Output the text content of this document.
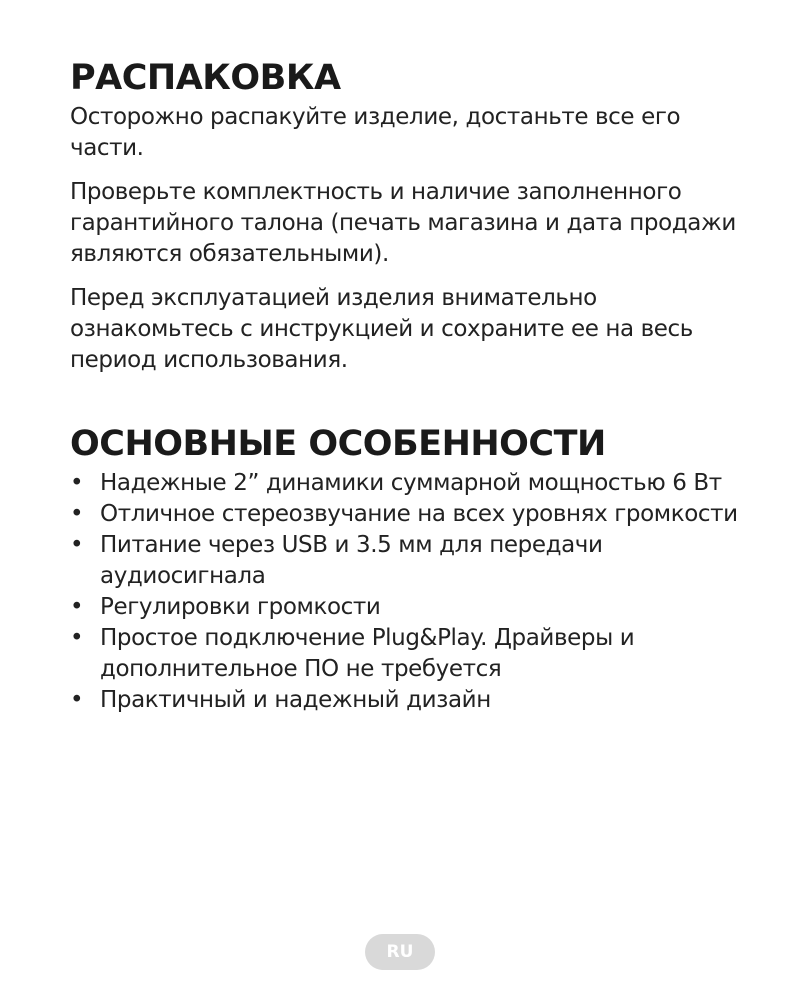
РАСПАКОВКА

Осторожно распакуйте изделие, достаньте все его части.

Проверьте комплектность и наличие заполненного гарантийного талона (печать магазина и дата продажи являются обязательными).

Перед эксплуатацией изделия внимательно ознакомьтесь с инструкцией и сохраните ее на весь период использования.

ОСНОВНЫЕ ОСОБЕННОСТИ
• Надежные 2” динамики суммарной мощностью 6 Вт
• Отличное стереозвучание на всех уровнях громкости
• Питание через USB и 3.5 мм для передачи аудиосигнала
• Регулировки громкости
• Простое подключение Plug&Play. Драйверы и дополнительное ПО не требуется
• Практичный и надежный дизайн
RU
